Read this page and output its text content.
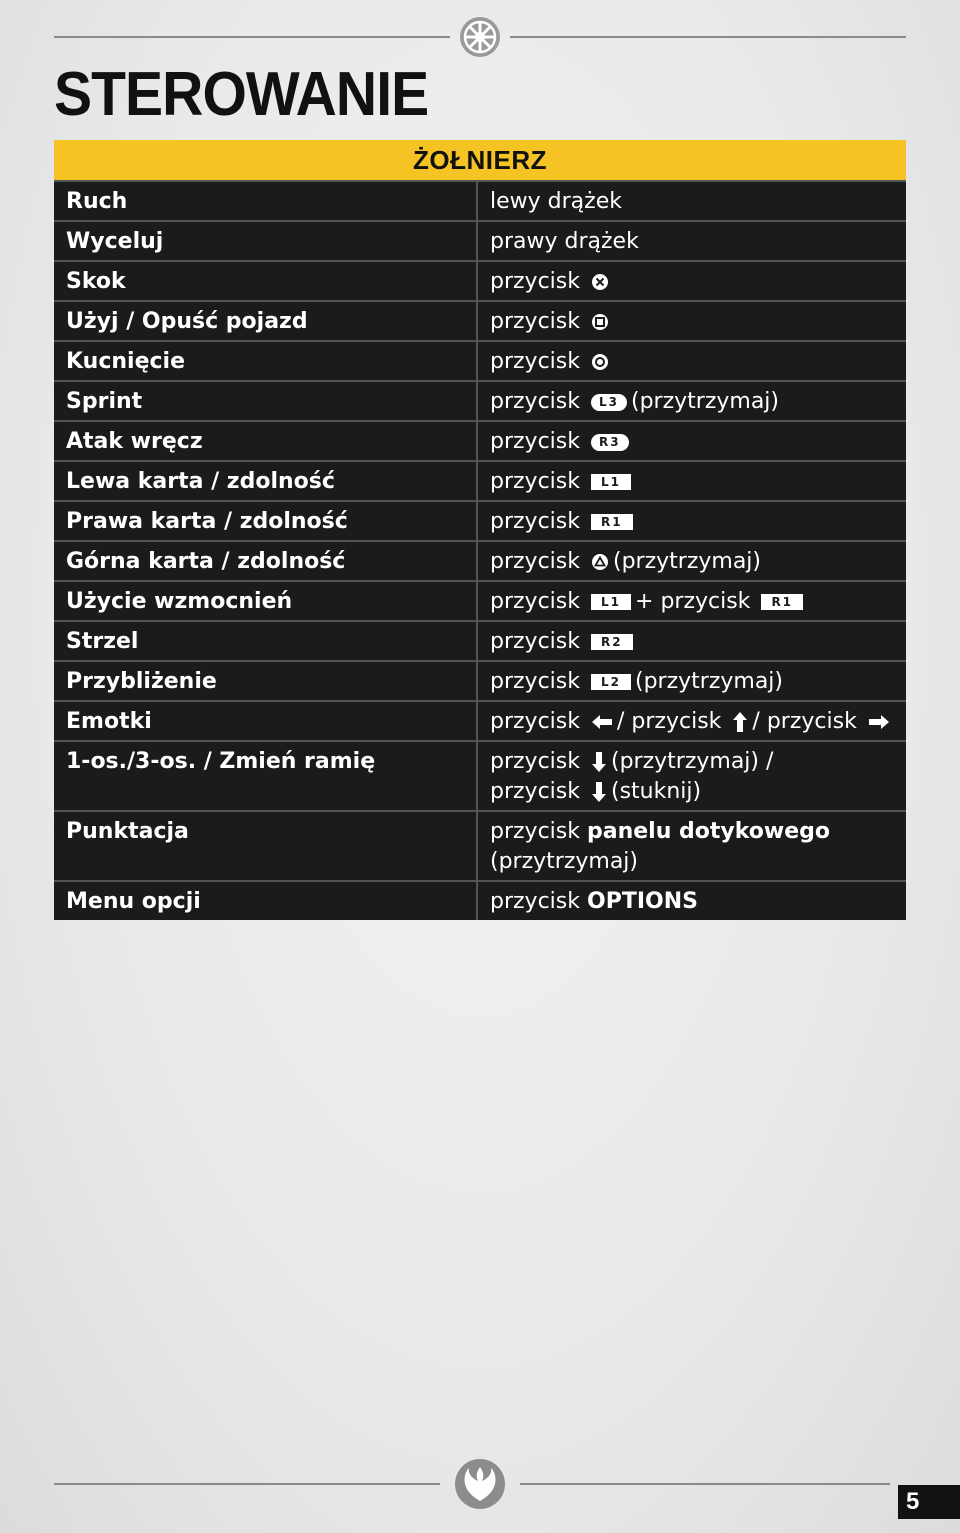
STEROWANIE
ŻOŁNIERZ
Ruch	lewy drążek
Wyceluj	prawy drążek
Skok	przycisk
Użyj / Opuść pojazd	przycisk
Kucnięcie	przycisk
Sprint	przycisk L3 (przytrzymaj)
Atak wręcz	przycisk R3
Lewa karta / zdolność	przycisk L1
Prawa karta / zdolność	przycisk R1
Górna karta / zdolność	przycisk (przytrzymaj)
Użycie wzmocnień	przycisk L1 + przycisk R1
Strzel	przycisk R2
Przybliżenie	przycisk L2 (przytrzymaj)
Emotki	przycisk / przycisk / przycisk
1-os./3-os. / Zmień ramię	przycisk (przytrzymaj) /
przycisk (stuknij)
Punktacja	przycisk panelu dotykowego
(przytrzymaj)
Menu opcji	przycisk OPTIONS
5
